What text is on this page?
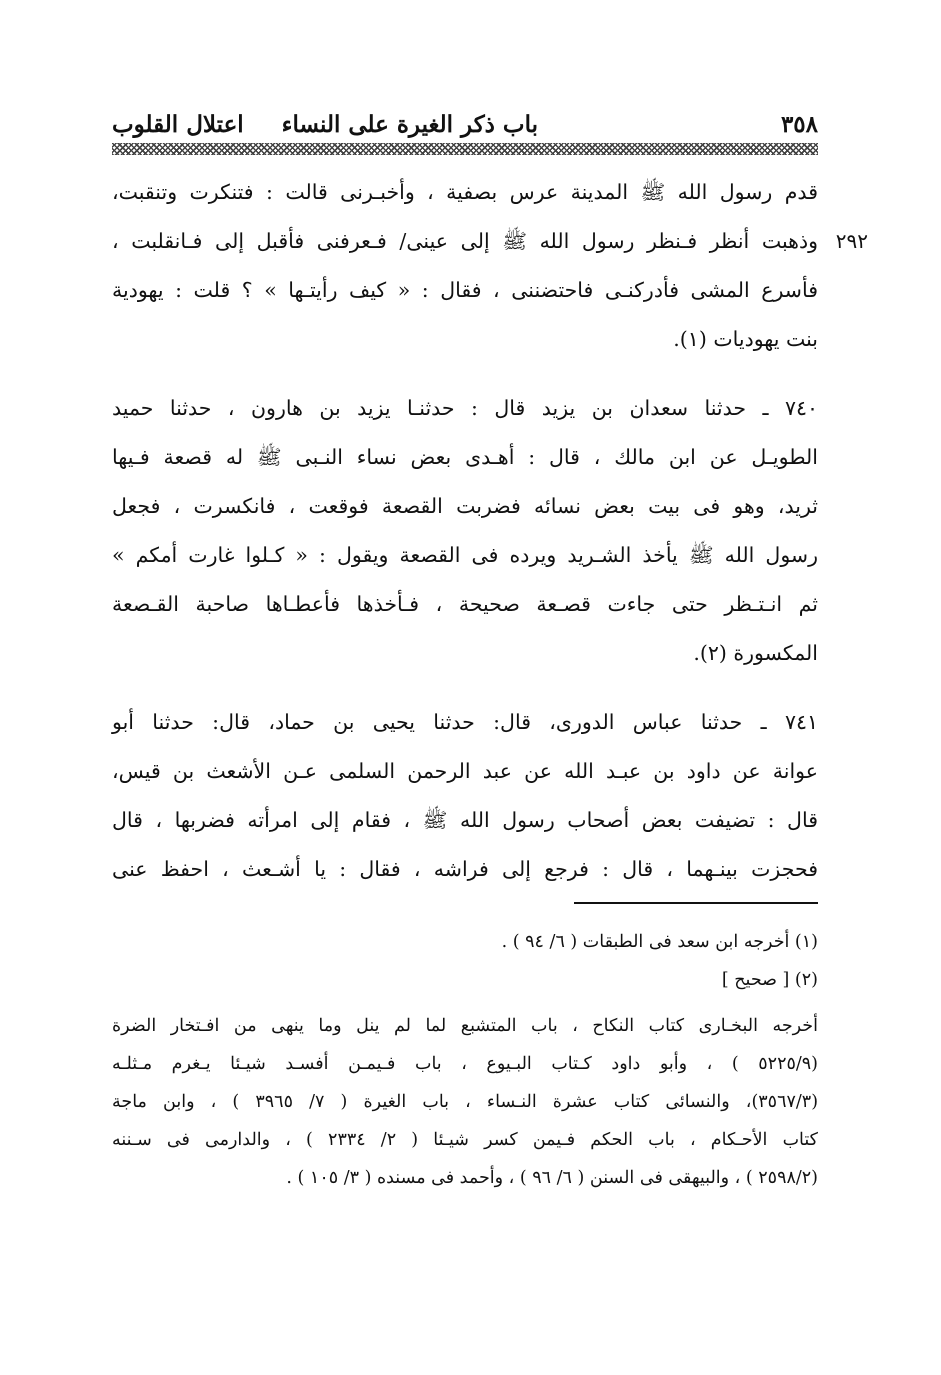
٣٥٨
باب ذكر الغيرة على النساء
اعتلال القلوب
قدم رسول الله ﷺ المدينة عرس بصفية ، وأخبـرنى قالت : فتنكرت وتنقبت،
وذهبت أنظر فـنظر رسول الله ﷺ إلى عينى/ فـعرفنى فأقبل إلى فـانقلبت ، ٢٩٢
فأسرع المشى فأدركنـى فاحتضننى ، فقال : « كيف رأيتـها » ؟ قلت : يهودية
بنت يهوديات (١).
٧٤٠ ـ حدثنا سعدان بن يزيد قال : حدثنـا يزيد بن هارون ، حدثنا حميد
الطويـل عن ابن مالك ، قال : أهـدى بعض نساء النـبى ﷺ له قصعة فـيها
ثريد، وهو فى بيت بعض نسائه فضربت القصعة فوقعت ، فانكسرت ، فجعل
رسول الله ﷺ يأخذ الشـريد ويرده فى القصعة ويقول : « كـلوا غارت أمكم »
ثم انـتـظر حتى جاءت قصـعة صحيحة ، فـأخذها فأعطـاها صاحبة القـصعة
المكسورة (٢).
٧٤١ ـ حدثنا عباس الدورى، قال: حدثنا يحيى بن حماد، قال: حدثنا أبو
عوانة عن داود بن عبـد الله عن عبد الرحمن السلمى عـن الأشعث بن قيس،
قال : تضيفت بعض أصحاب رسول الله ﷺ ، فقام إلى امرأته فضربها ، قال
فحجزت بينـهما ، قال : فرجع إلى فراشه ، فقال : يا أشـعث ، احفظ عنى
(١) أخرجه ابن سعد فى الطبقات ( ٦/ ٩٤ ) .
(٢) [ صحيح ]
أخرجه البخـارى كتاب النكاح ، باب المتشبع لما لم ينل وما ينهى من افـتخار الضرة
(٥٢٢٥/٩ ) ، وأبو داود كـتاب البـيوع ، باب فـيمـن أفسـد شيـئا يـغرم مـثلـه
(٣٥٦٧/٣)، والنسائى كتاب عشرة النـساء ، باب الغيرة ( ٧/ ٣٩٦٥ ) ، وابن ماجة
كتاب الأحـكام ، باب الحكم فـيمن كسر شيـئا ( ٢/ ٢٣٣٤ ) ، والدارمى فى سـننه
(٢٥٩٨/٢ ) ، والبيهقى فى السنن ( ٦/ ٩٦ ) ، وأحمد فى مسنده ( ٣/ ١٠٥ ) .
